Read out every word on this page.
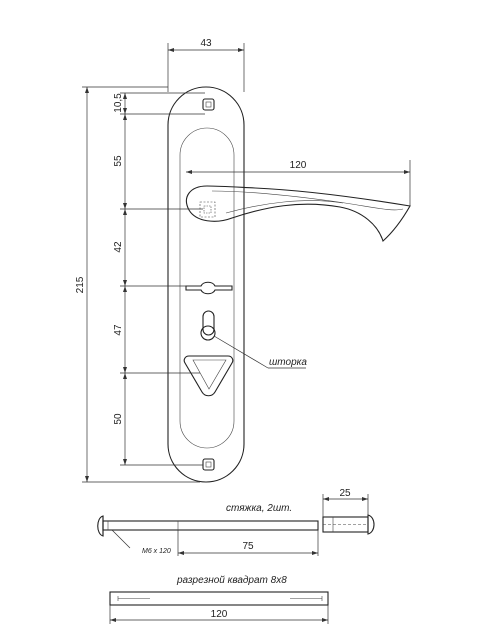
шторка
43
120
10,5
55
42
47
50
215
стяжка, 2шт.
M6 x 120	75
25
разрезной квадрат 8x8
120
